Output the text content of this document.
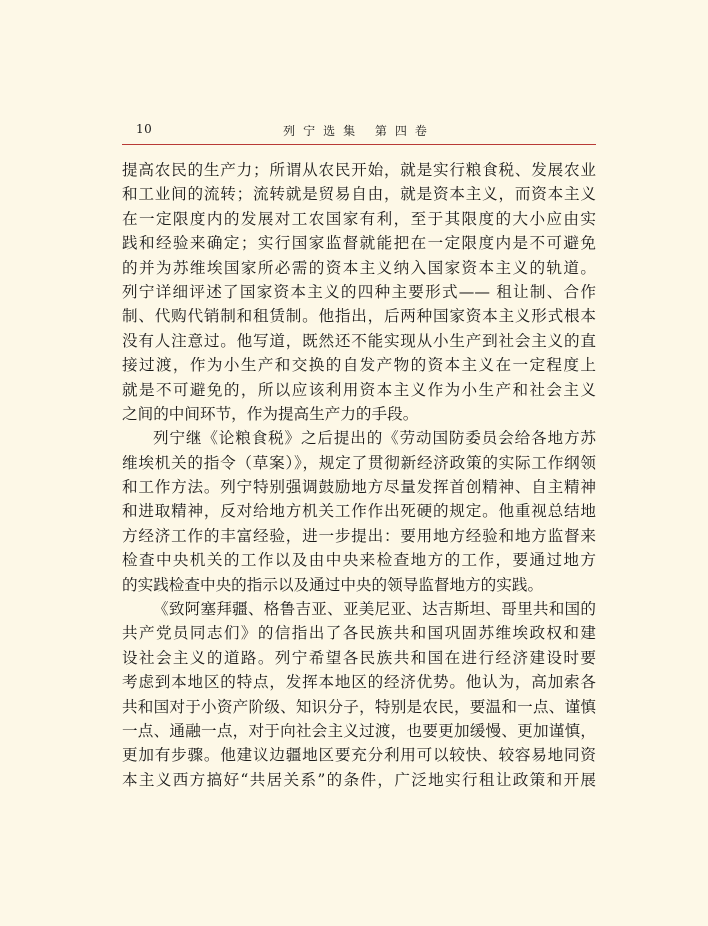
10	列宁选集 第四卷
提高农民的生产力；所谓从农民开始，就是实行粮食税、发展农业
和工业间的流转；流转就是贸易自由，就是资本主义，而资本主义
在一定限度内的发展对工农国家有利，至于其限度的大小应由实
践和经验来确定；实行国家监督就能把在一定限度内是不可避免
的并为苏维埃国家所必需的资本主义纳入国家资本主义的轨道。
列宁详细评述了国家资本主义的四种主要形式—— 租让制、合作
制、代购代销制和租赁制。他指出，后两种国家资本主义形式根本
没有人注意过。他写道，既然还不能实现从小生产到社会主义的直
接过渡，作为小生产和交换的自发产物的资本主义在一定程度上
就是不可避免的，所以应该利用资本主义作为小生产和社会主义
之间的中间环节，作为提高生产力的手段。
列宁继《论粮食税》之后提出的《劳动国防委员会给各地方苏
维埃机关的指令（草案）》，规定了贯彻新经济政策的实际工作纲领
和工作方法。列宁特别强调鼓励地方尽量发挥首创精神、自主精神
和进取精神，反对给地方机关工作作出死硬的规定。他重视总结地
方经济工作的丰富经验，进一步提出：要用地方经验和地方监督来
检查中央机关的工作以及由中央来检查地方的工作，要通过地方
的实践检查中央的指示以及通过中央的领导监督地方的实践。
《致阿塞拜疆、格鲁吉亚、亚美尼亚、达吉斯坦、哥里共和国的
共产党员同志们》的信指出了各民族共和国巩固苏维埃政权和建
设社会主义的道路。列宁希望各民族共和国在进行经济建设时要
考虑到本地区的特点，发挥本地区的经济优势。他认为，高加索各
共和国对于小资产阶级、知识分子，特别是农民，要温和一点、谨慎
一点、通融一点，对于向社会主义过渡，也要更加缓慢、更加谨慎，
更加有步骤。他建议边疆地区要充分利用可以较快、较容易地同资
本主义西方搞好“共居关系”的条件，广泛地实行租让政策和开展
